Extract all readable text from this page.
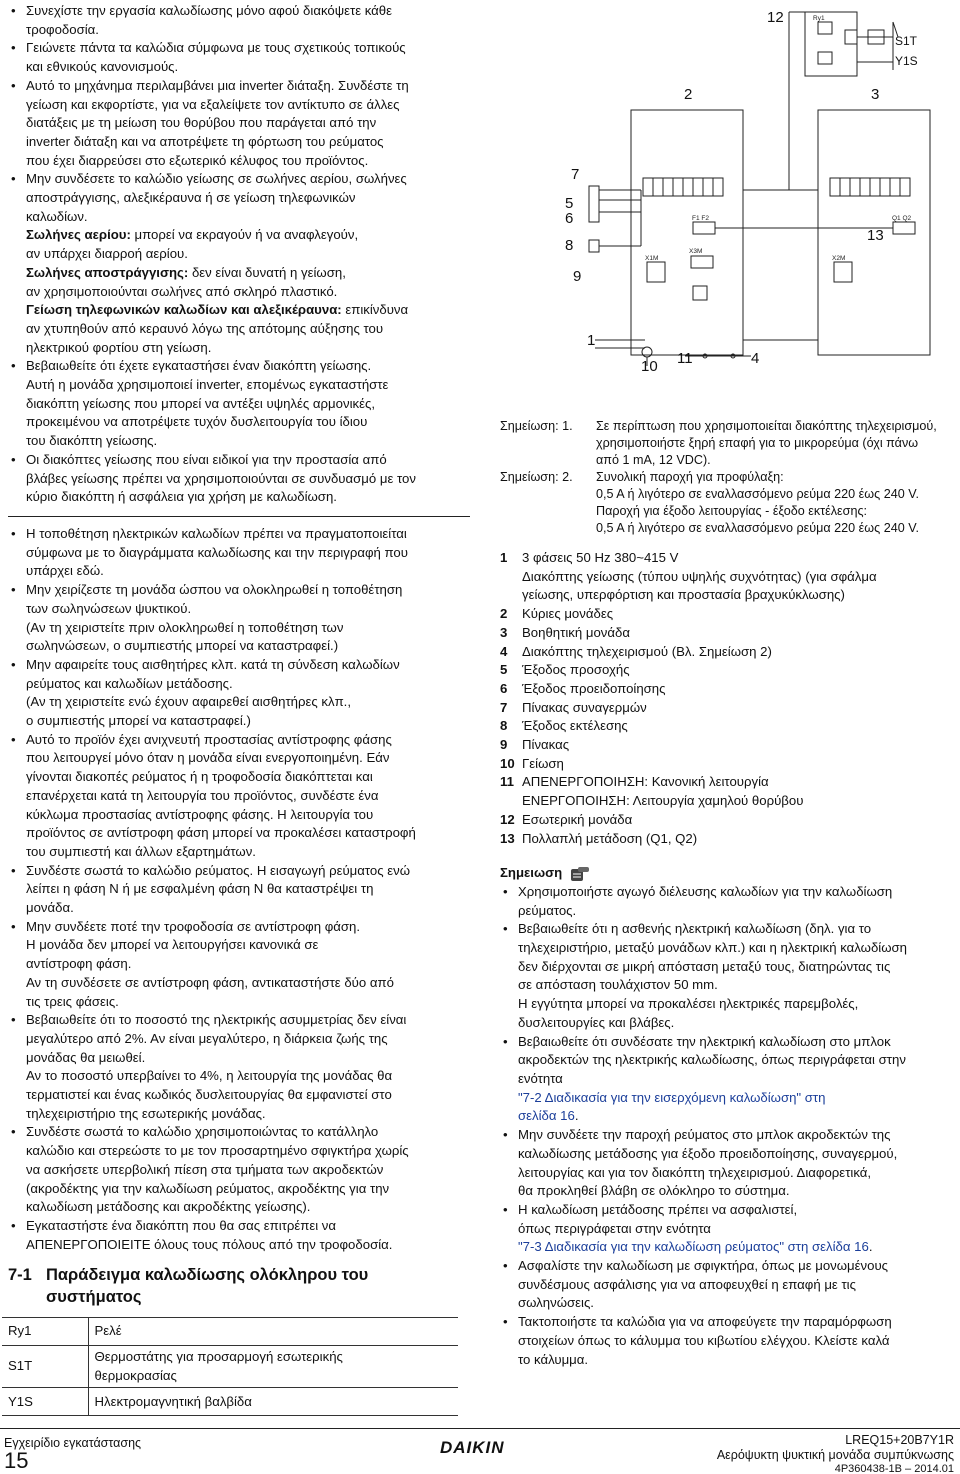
• Συνεχίστε την εργασία καλωδίωσης μόνο αφού διακόψετε κάθε
τροφοδοσία.
• Γειώνετε πάντα τα καλώδια σύμφωνα με τους σχετικούς τοπικούς
και εθνικούς κανονισμούς.
• Αυτό το μηχάνημα περιλαμβάνει μια inverter διάταξη. Συνδέστε τη
γείωση και εκφορτίστε, για να εξαλείψετε τον αντίκτυπο σε άλλες
διατάξεις με τη μείωση του θορύβου που παράγεται από την
inverter διάταξη και να αποτρέψετε τη φόρτωση του ρεύματος
που έχει διαρρεύσει στο εξωτερικό κέλυφος του προϊόντος.
• Μην συνδέσετε το καλώδιο γείωσης σε σωλήνες αερίου, σωλήνες
αποστράγγισης, αλεξικέραυνα ή σε γείωση τηλεφωνικών
καλωδίων.
Σωλήνες αερίου: μπορεί να εκραγούν ή να αναφλεγούν,
αν υπάρχει διαρροή αερίου.
Σωλήνες αποστράγγισης: δεν είναι δυνατή η γείωση,
αν χρησιμοποιούνται σωλήνες από σκληρό πλαστικό.
Γείωση τηλεφωνικών καλωδίων και αλεξικέραυνα: επικίνδυνα
αν χτυπηθούν από κεραυνό λόγω της απότομης αύξησης του
ηλεκτρικού φορτίου στη γείωση.
• Βεβαιωθείτε ότι έχετε εγκαταστήσει έναν διακόπτη γείωσης.
Αυτή η μονάδα χρησιμοποιεί inverter, επομένως εγκαταστήστε
διακόπτη γείωσης που μπορεί να αντέξει υψηλές αρμονικές,
προκειμένου να αποτρέψετε τυχόν δυσλειτουργία του ίδιου
του διακόπτη γείωσης.
• Οι διακόπτες γείωσης που είναι ειδικοί για την προστασία από
βλάβες γείωσης πρέπει να χρησιμοποιούνται σε συνδυασμό με τον
κύριο διακόπτη ή ασφάλεια για χρήση με καλωδίωση.
• Η τοποθέτηση ηλεκτρικών καλωδίων πρέπει να πραγματοποιείται
σύμφωνα με το διαγράμματα καλωδίωσης και την περιγραφή που
υπάρχει εδώ.
• Μην χειρίζεστε τη μονάδα ώσπου να ολοκληρωθεί η τοποθέτηση
των σωληνώσεων ψυκτικού.
(Αν τη χειριστείτε πριν ολοκληρωθεί η τοποθέτηση των
σωληνώσεων, ο συμπιεστής μπορεί να καταστραφεί.)
• Μην αφαιρείτε τους αισθητήρες κλπ. κατά τη σύνδεση καλωδίων
ρεύματος και καλωδίων μετάδοσης.
(Αν τη χειριστείτε ενώ έχουν αφαιρεθεί αισθητήρες κλπ.,
ο συμπιεστής μπορεί να καταστραφεί.)
• Αυτό το προϊόν έχει ανιχνευτή προστασίας αντίστροφης φάσης
που λειτουργεί μόνο όταν η μονάδα είναι ενεργοποιημένη. Εάν
γίνονται διακοπές ρεύματος ή η τροφοδοσία διακόπτεται και
επανέρχεται κατά τη λειτουργία του προϊόντος, συνδέστε ένα
κύκλωμα προστασίας αντίστροφης φάσης. Η λειτουργία του
προϊόντος σε αντίστροφη φάση μπορεί να προκαλέσει καταστροφή
του συμπιεστή και άλλων εξαρτημάτων.
• Συνδέστε σωστά το καλώδιο ρεύματος. Η εισαγωγή ρεύματος ενώ
λείπει η φάση N ή με εσφαλμένη φάση N θα καταστρέψει τη
μονάδα.
• Μην συνδέετε ποτέ την τροφοδοσία σε αντίστροφη φάση.
Η μονάδα δεν μπορεί να λειτουργήσει κανονικά σε
αντίστροφη φάση.
Αν τη συνδέσετε σε αντίστροφη φάση, αντικαταστήστε δύο από
τις τρεις φάσεις.
• Βεβαιωθείτε ότι το ποσοστό της ηλεκτρικής ασυμμετρίας δεν είναι
μεγαλύτερο από 2%. Αν είναι μεγαλύτερο, η διάρκεια ζωής της
μονάδας θα μειωθεί.
Αν το ποσοστό υπερβαίνει το 4%, η λειτουργία της μονάδας θα
τερματιστεί και ένας κωδικός δυσλειτουργίας θα εμφανιστεί στο
τηλεχειριστήριο της εσωτερικής μονάδας.
• Συνδέστε σωστά το καλώδιο χρησιμοποιώντας το κατάλληλο
καλώδιο και στερεώστε το με τον προσαρτημένο σφιγκτήρα χωρίς
να ασκήσετε υπερβολική πίεση στα τμήματα των ακροδεκτών
(ακροδέκτης για την καλωδίωση ρεύματος, ακροδέκτης για την
καλωδίωση μετάδοσης και ακροδέκτης γείωσης).
• Εγκαταστήστε ένα διακόπτη που θα σας επιτρέπει να
ΑΠΕΝΕΡΓΟΠΟΙΕΙΤΕ όλους τους πόλους από την τροφοδοσία.
7-1 Παράδειγμα καλωδίωσης ολόκληρου του
συστήματος
Ry1	Ρελέ
S1T	Θερμοστάτης για προσαρμογή εσωτερικής
θερμοκρασίας

Y1S	Ηλεκτρομαγνητική βαλβίδα
Ry1
X1M	X2M
X3M
F1 F2	Q1 Q2
12
S1T
Y1S
2	3
7
5
6
8
13
9
1
10 11	4
Σημείωση: 1.	Σε περίπτωση που χρησιμοποιείται διακόπτης τηλεχειρισμού,
χρησιμοποιήστε ξηρή επαφή για το μικρορεύμα (όχι πάνω
από 1 mA, 12 VDC).
Σημείωση: 2.	Συνολική παροχή για προφύλαξη:
0,5 A ή λιγότερο σε εναλλασσόμενο ρεύμα 220 έως 240 V.
Παροχή για έξοδο λειτουργίας - έξοδο εκτέλεσης:
0,5 A ή λιγότερο σε εναλλασσόμενο ρεύμα 220 έως 240 V.
1	3 φάσεις 50 Hz 380~415 V
Διακόπτης γείωσης (τύπου υψηλής συχνότητας) (για σφάλμα
γείωσης, υπερφόρτιση και προστασία βραχυκύκλωσης)
2	Κύριες μονάδες
3	Βοηθητική μονάδα
4	Διακόπτης τηλεχειρισμού (Βλ. Σημείωση 2)
5	Έξοδος προσοχής
6	Έξοδος προειδοποίησης
7	Πίνακας συναγερμών
8	Έξοδος εκτέλεσης
9	Πίνακας
10 Γείωση
11 ΑΠΕΝΕΡΓΟΠΟΙΗΣΗ: Κανονική λειτουργία
ΕΝΕΡΓΟΠΟΙΗΣΗ: Λειτουργία χαμηλού θορύβου
12 Εσωτερική μονάδα
13 Πολλαπλή μετάδοση (Q1, Q2)
Σημειωση
• Χρησιμοποιήστε αγωγό διέλευσης καλωδίων για την καλωδίωση
ρεύματος.
• Βεβαιωθείτε ότι η ασθενής ηλεκτρική καλωδίωση (δηλ. για το
τηλεχειριστήριο, μεταξύ μονάδων κλπ.) και η ηλεκτρική καλωδίωση
δεν διέρχονται σε μικρή απόσταση μεταξύ τους, διατηρώντας τις
σε απόσταση τουλάχιστον 50 mm.
Η εγγύτητα μπορεί να προκαλέσει ηλεκτρικές παρεμβολές,
δυσλειτουργίες και βλάβες.
• Βεβαιωθείτε ότι συνδέσατε την ηλεκτρική καλωδίωση στο μπλοκ
ακροδεκτών της ηλεκτρικής καλωδίωσης, όπως περιγράφεται στην
ενότητα
"7-2 Διαδικασία για την εισερχόμενη καλωδίωση" στη
σελίδα 16.
• Μην συνδέετε την παροχή ρεύματος στο μπλοκ ακροδεκτών της
καλωδίωσης μετάδοσης για έξοδο προειδοποίησης, συναγερμού,
λειτουργίας και για τον διακόπτη τηλεχειρισμού. Διαφορετικά,
θα προκληθεί βλάβη σε ολόκληρο το σύστημα.
• Η καλωδίωση μετάδοσης πρέπει να ασφαλιστεί,
όπως περιγράφεται στην ενότητα
"7-3 Διαδικασία για την καλωδίωση ρεύματος" στη σελίδα 16.
• Ασφαλίστε την καλωδίωση με σφιγκτήρα, όπως με μονωμένους
συνδέσμους ασφάλισης για να αποφευχθεί η επαφή με τις
σωληνώσεις.
• Τακτοποιήστε τα καλώδια για να αποφεύγετε την παραμόρφωση
στοιχείων όπως το κάλυμμα του κιβωτίου ελέγχου. Κλείστε καλά
το κάλυμμα.
Εγχειρίδιο εγκατάστασης
15
DAIKIN	LREQ15+20B7Y1R
Αερόψυκτη ψυκτική μονάδα συμπύκνωσης
4P360438-1B – 2014.01
